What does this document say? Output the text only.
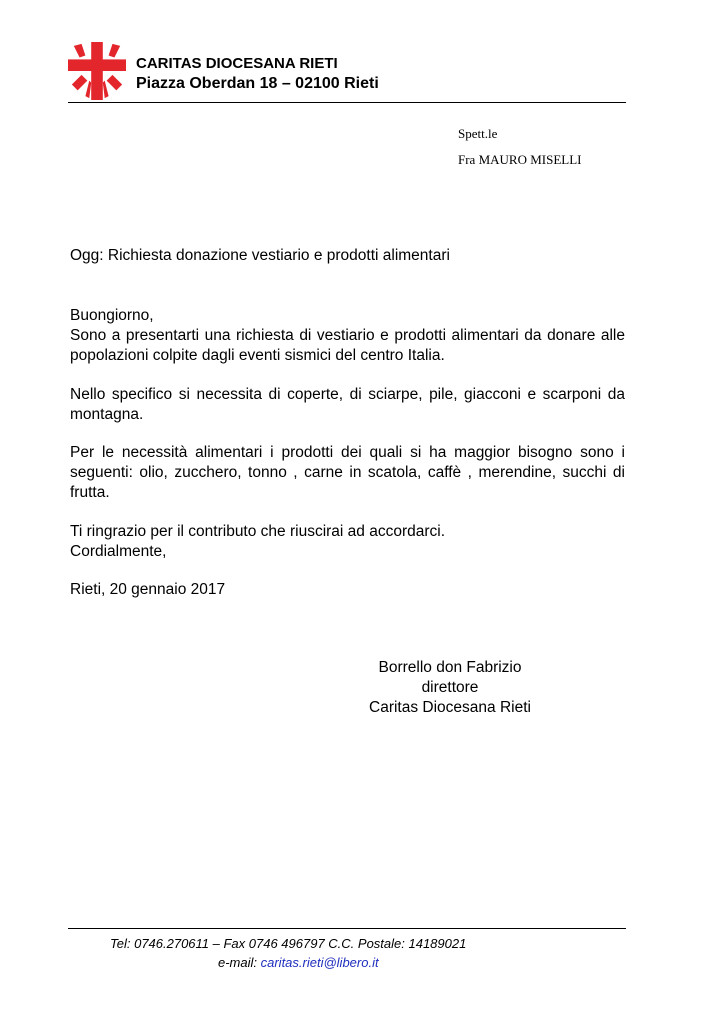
CARITAS DIOCESANA RIETI
Piazza Oberdan 18 – 02100 Rieti
Spett.le
Fra MAURO MISELLI
Ogg: Richiesta donazione vestiario e prodotti alimentari
Buongiorno,
Sono a presentarti una richiesta di vestiario e prodotti alimentari da donare alle popolazioni colpite dagli eventi sismici del centro Italia.
Nello specifico si necessita di coperte, di sciarpe, pile, giacconi e scarponi da montagna.
Per le necessità alimentari i prodotti dei quali si ha maggior bisogno sono i seguenti: olio, zucchero, tonno , carne in scatola, caffè , merendine, succhi di frutta.
Ti ringrazio per il contributo che riuscirai ad accordarci.
Cordialmente,
Rieti, 20 gennaio 2017
Borrello don Fabrizio
direttore
Caritas Diocesana Rieti
Tel: 0746.270611 – Fax 0746 496797 C.C. Postale: 14189021
e-mail: caritas.rieti@libero.it
